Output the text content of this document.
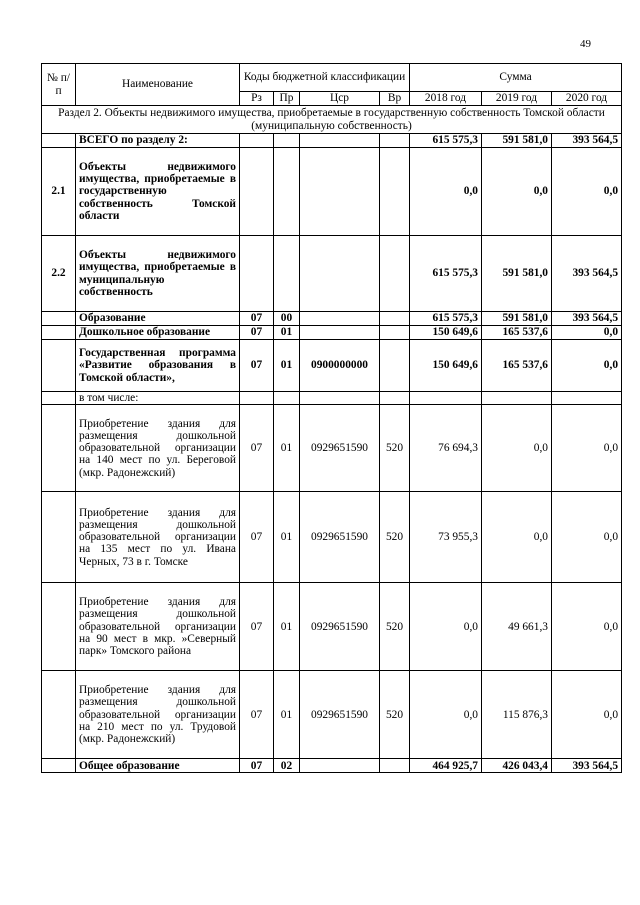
49
№ п/п	Наименование	Коды бюджетной классификации				Сумма		
		Рз	Пр	Цср	Вр	2018 год	2019 год	2020 год
Раздел 2. Объекты недвижимого имущества, приобретаемые в государственную собственность Томской области (муниципальную собственность)								
	ВСЕГО по разделу 2:					615 575,3	591 581,0	393 564,5
2.1	Объекты недвижимого имущества, приобретаемые в государственную собственность Томской области					0,0	0,0	0,0
2.2	Объекты недвижимого имущества, приобретаемые в муниципальную собственность					615 575,3	591 581,0	393 564,5
	Образование	07	00			615 575,3	591 581,0	393 564,5
	Дошкольное образование	07	01			150 649,6	165 537,6	0,0
	Государственная программа «Развитие образования в Томской области»,	07	01	0900000000		150 649,6	165 537,6	0,0
	в том числе:							
	Приобретение здания для размещения дошкольной образовательной организации на 140 мест по ул. Береговой (мкр. Радонежский)	07	01	0929651590	520	76 694,3	0,0	0,0
	Приобретение здания для размещения дошкольной образовательной организации на 135 мест по ул. Ивана Черных, 73 в г. Томске	07	01	0929651590	520	73 955,3	0,0	0,0
	Приобретение здания для размещения дошкольной образовательной организации на 90 мест в мкр. »Северный парк» Томского района	07	01	0929651590	520	0,0	49 661,3	0,0
	Приобретение здания для размещения дошкольной образовательной организации на 210 мест по ул. Трудовой (мкр. Радонежский)	07	01	0929651590	520	0,0	115 876,3	0,0
	Общее образование	07	02			464 925,7	426 043,4	393 564,5
